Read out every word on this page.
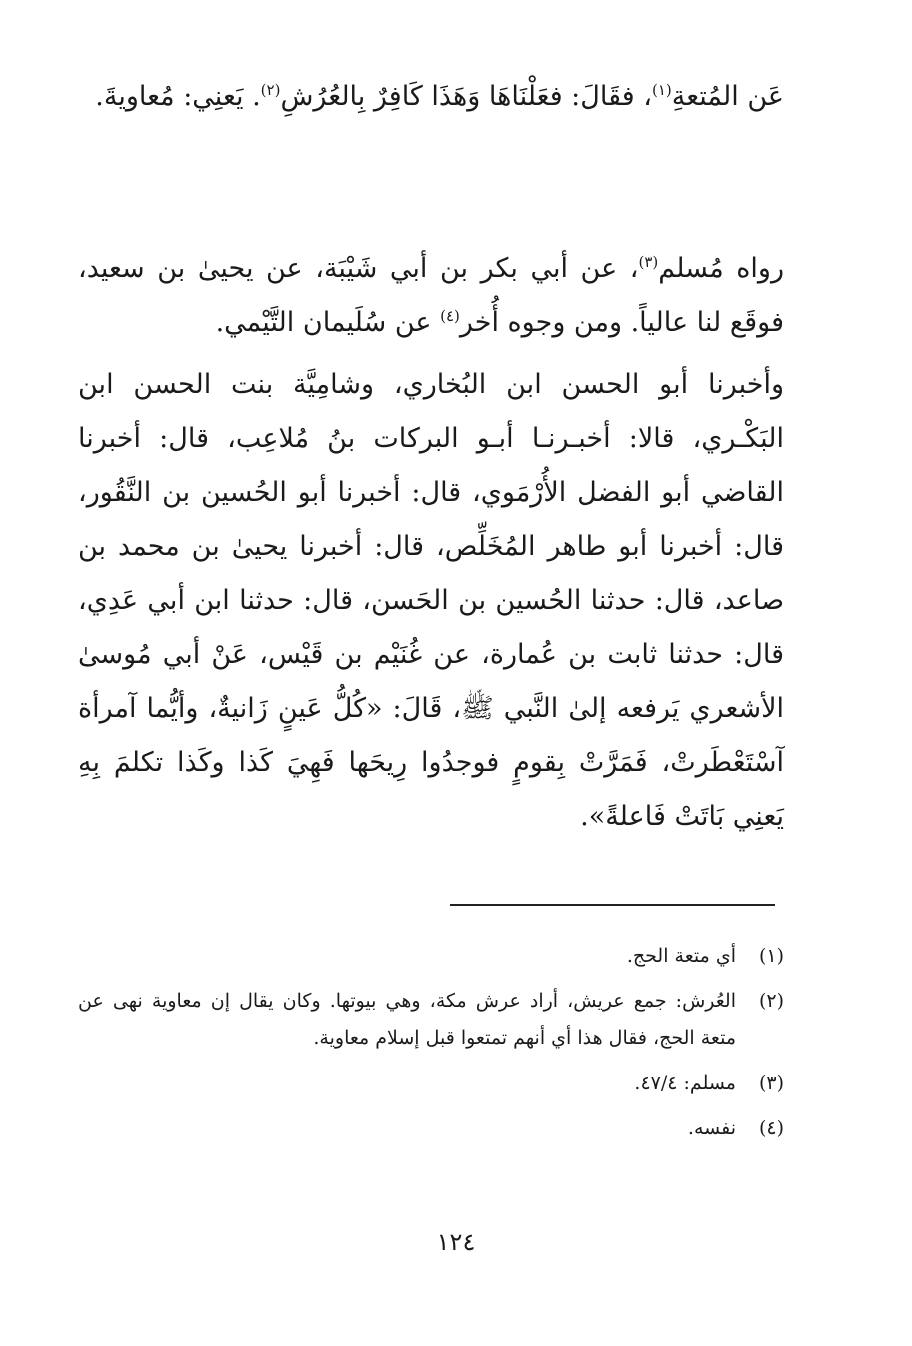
عَن المُتعةِ$^{(١)}$، فقَالَ: فعَلْنَاهَا وَهَذَا كَافِرٌ بِالعُرُشِ$^{(٢)}$. يَعنِي: مُعاويةَ.

رواه مُسلم$^{(٣)}$، عن أبي بكر بن أبي شَيْبَة، عن يحيىٰ بن سعيد، فوقَع لنا عالياً. ومن وجوه أُخر$^{(٤)}$ عن سُلَيمان التَّيْمي.

وأخبرنا أبو الحسن ابن البُخاري، وشامِيَّة بنت الحسن ابن البَكْـري، قالا: أخبـرنـا أبـو البركات بنُ مُلاعِب، قال: أخبرنا القاضي أبو الفضل الأُرْمَوي، قال: أخبرنا أبو الحُسين بن النَّقُور، قال: أخبرنا أبو طاهر المُخَلِّص، قال: أخبرنا يحيىٰ بن محمد بن صاعد، قال: حدثنا الحُسين بن الحَسن، قال: حدثنا ابن أبي عَدِي، قال: حدثنا ثابت بن عُمارة، عن غُنَيْم بن قَيْس، عَنْ أبي مُوسىٰ الأشعري يَرفعه إلىٰ النَّبي ﷺ، قَالَ: «كُلُّ عَينٍ زَانيةٌ، وأيُّما آمرأة آسْتَعْطَرتْ، فَمَرَّتْ بِقومٍ فوجدُوا رِيحَها فَهِيَ كَذا وكَذا تكلمَ بِهِ يَعنِي بَاتَتْ فَاعلةً».

(١)
أي متعة الحج.
(٢)
العُرش: جمع عريش، أراد عرش مكة، وهي بيوتها. وكان يقال إن معاوية نهى عن متعة الحج، فقال هذا أي أنهم تمتعوا قبل إسلام معاوية.
(٣)
مسلم: ٤٧/٤.
(٤)
نفسه.
١٢٤
